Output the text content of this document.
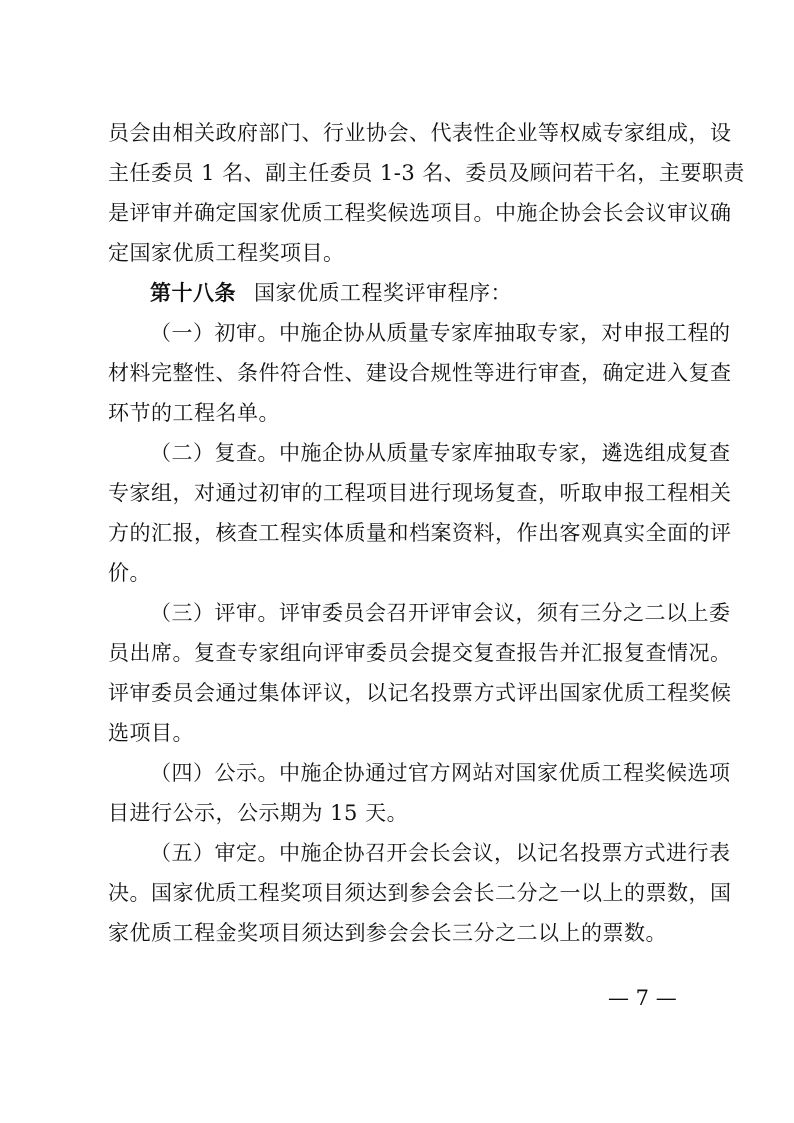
员会由相关政府部门、行业协会、代表性企业等权威专家组成，设
主任委员 1 名、副主任委员 1-3 名、委员及顾问若干名，主要职责
是评审并确定国家优质工程奖候选项目。中施企协会长会议审议确
定国家优质工程奖项目。
第十八条 国家优质工程奖评审程序：
（一）初审。中施企协从质量专家库抽取专家，对申报工程的
材料完整性、条件符合性、建设合规性等进行审查，确定进入复查
环节的工程名单。
（二）复查。中施企协从质量专家库抽取专家，遴选组成复查
专家组，对通过初审的工程项目进行现场复查，听取申报工程相关
方的汇报，核查工程实体质量和档案资料，作出客观真实全面的评
价。
（三）评审。评审委员会召开评审会议，须有三分之二以上委
员出席。复查专家组向评审委员会提交复查报告并汇报复查情况。
评审委员会通过集体评议，以记名投票方式评出国家优质工程奖候
选项目。
（四）公示。中施企协通过官方网站对国家优质工程奖候选项
目进行公示，公示期为 15 天。
（五）审定。中施企协召开会长会议，以记名投票方式进行表
决。国家优质工程奖项目须达到参会会长二分之一以上的票数，国
家优质工程金奖项目须达到参会会长三分之二以上的票数。
— 7 —
